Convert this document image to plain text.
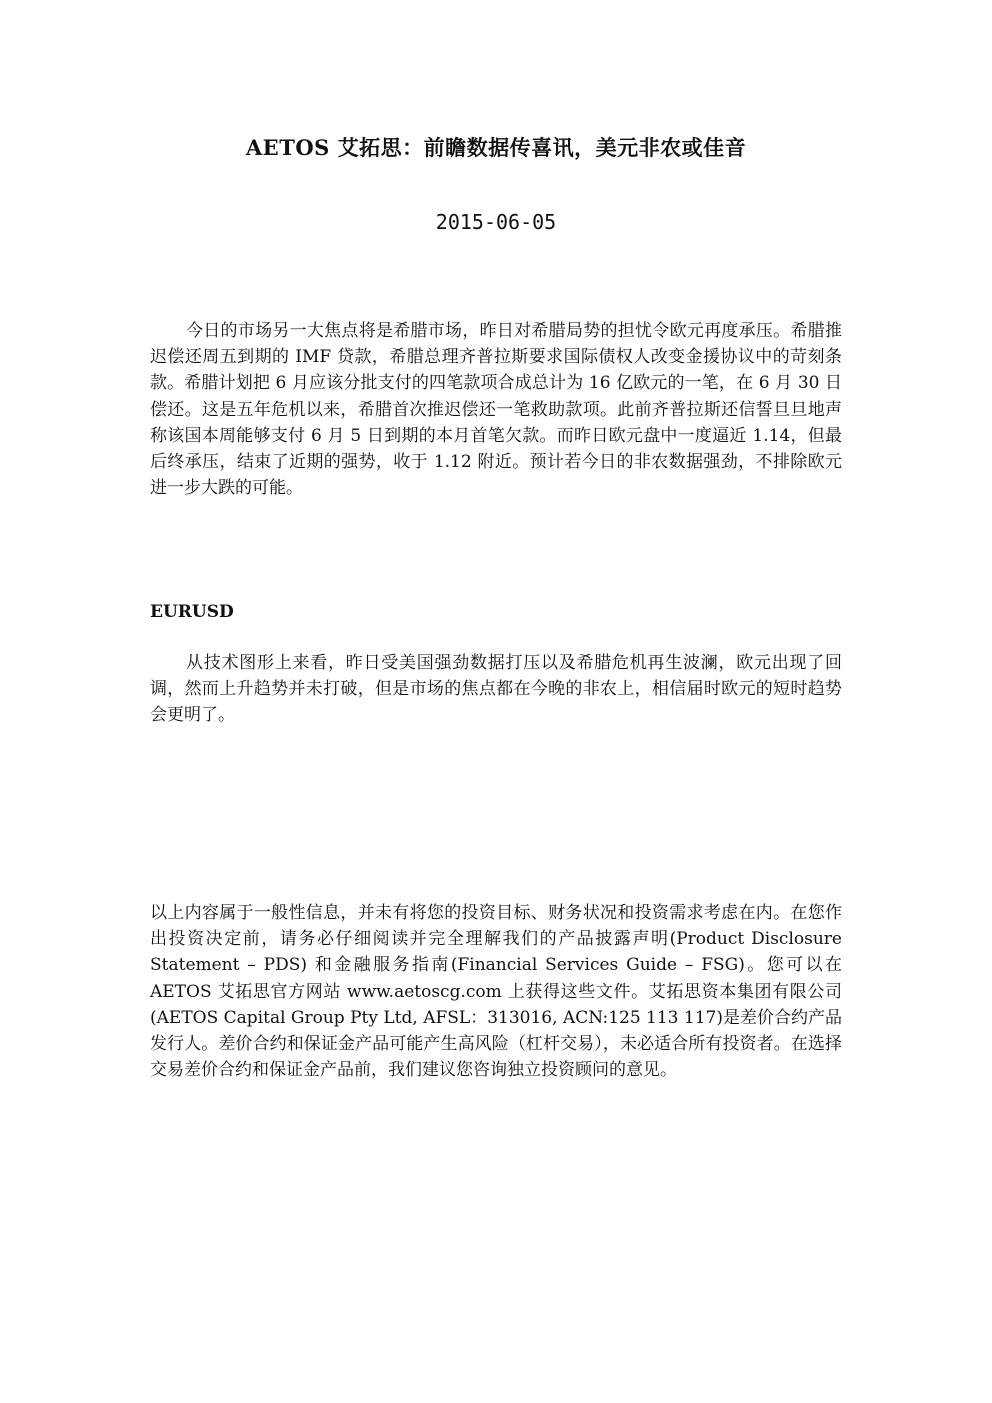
AETOS 艾拓思：前瞻数据传喜讯，美元非农或佳音
2015-06-05

今日的市场另一大焦点将是希腊市场，昨日对希腊局势的担忧令欧元再度承压。希腊推迟偿还周五到期的 IMF 贷款，希腊总理齐普拉斯要求国际债权人改变金援协议中的苛刻条款。希腊计划把 6 月应该分批支付的四笔款项合成总计为 16 亿欧元的一笔，在 6 月 30 日偿还。这是五年危机以来，希腊首次推迟偿还一笔救助款项。此前齐普拉斯还信誓旦旦地声称该国本周能够支付 6 月 5 日到期的本月首笔欠款。而昨日欧元盘中一度逼近 1.14，但最后终承压，结束了近期的强势，收于 1.12 附近。预计若今日的非农数据强劲，不排除欧元进一步大跌的可能。

EURUSD

从技术图形上来看，昨日受美国强劲数据打压以及希腊危机再生波澜，欧元出现了回调，然而上升趋势并未打破，但是市场的焦点都在今晚的非农上，相信届时欧元的短时趋势会更明了。

以上内容属于一般性信息，并未有将您的投资目标、财务状况和投资需求考虑在内。在您作出投资决定前，请务必仔细阅读并完全理解我们的产品披露声明(Product Disclosure Statement – PDS) 和金融服务指南(Financial Services Guide – FSG)。您可以在 AETOS 艾拓思官方网站 www.aetoscg.com 上获得这些文件。艾拓思资本集团有限公司(AETOS Capital Group Pty Ltd, AFSL：313016, ACN:125 113 117)是差价合约产品发行人。差价合约和保证金产品可能产生高风险（杠杆交易），未必适合所有投资者。在选择交易差价合约和保证金产品前，我们建议您咨询独立投资顾问的意见。
